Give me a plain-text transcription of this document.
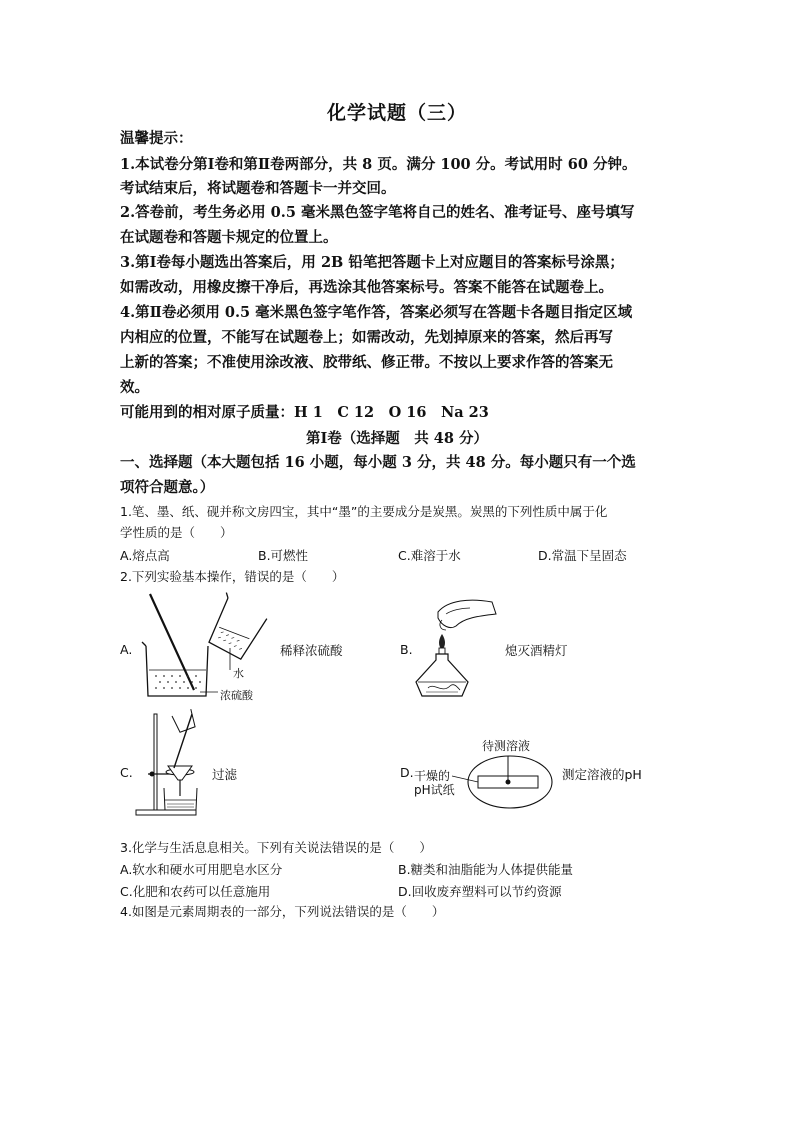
化学试题（三）
温馨提示：
1.本试卷分第Ⅰ卷和第Ⅱ卷两部分，共 8 页。满分 100 分。考试用时 60 分钟。
考试结束后，将试题卷和答题卡一并交回。
2.答卷前，考生务必用 0.5 毫米黑色签字笔将自己的姓名、准考证号、座号填写
在试题卷和答题卡规定的位置上。
3.第Ⅰ卷每小题选出答案后，用 2B 铅笔把答题卡上对应题目的答案标号涂黑；
如需改动，用橡皮擦干净后，再选涂其他答案标号。答案不能答在试题卷上。
4.第Ⅱ卷必须用 0.5 毫米黑色签字笔作答，答案必须写在答题卡各题目指定区域
内相应的位置，不能写在试题卷上；如需改动，先划掉原来的答案，然后再写
上新的答案；不准使用涂改液、胶带纸、修正带。不按以上要求作答的答案无
效。
可能用到的相对原子质量：H 1　C 12　O 16　Na 23
第Ⅰ卷（选择题　共 48 分）
一、选择题（本大题包括 16 小题，每小题 3 分，共 48 分。每小题只有一个选
项符合题意。）
1.笔、墨、纸、砚并称文房四宝，其中“墨”的主要成分是炭黑。炭黑的下列性质中属于化
学性质的是（　　）
A.熔点高	B.可燃性	C.难溶于水	D.常温下呈固态
2.下列实验基本操作，错误的是（　　）
A.
水
浓硫酸
稀释浓硫酸	B.	熄灭酒精灯
C.	过滤	D.
待测溶液
干燥的
pH试纸
测定溶液的pH
3.化学与生活息息相关。下列有关说法错误的是（　　）
A.软水和硬水可用肥皂水区分	B.糖类和油脂能为人体提供能量
C.化肥和农药可以任意施用	D.回收废弃塑料可以节约资源
4.如图是元素周期表的一部分，下列说法错误的是（　　）
